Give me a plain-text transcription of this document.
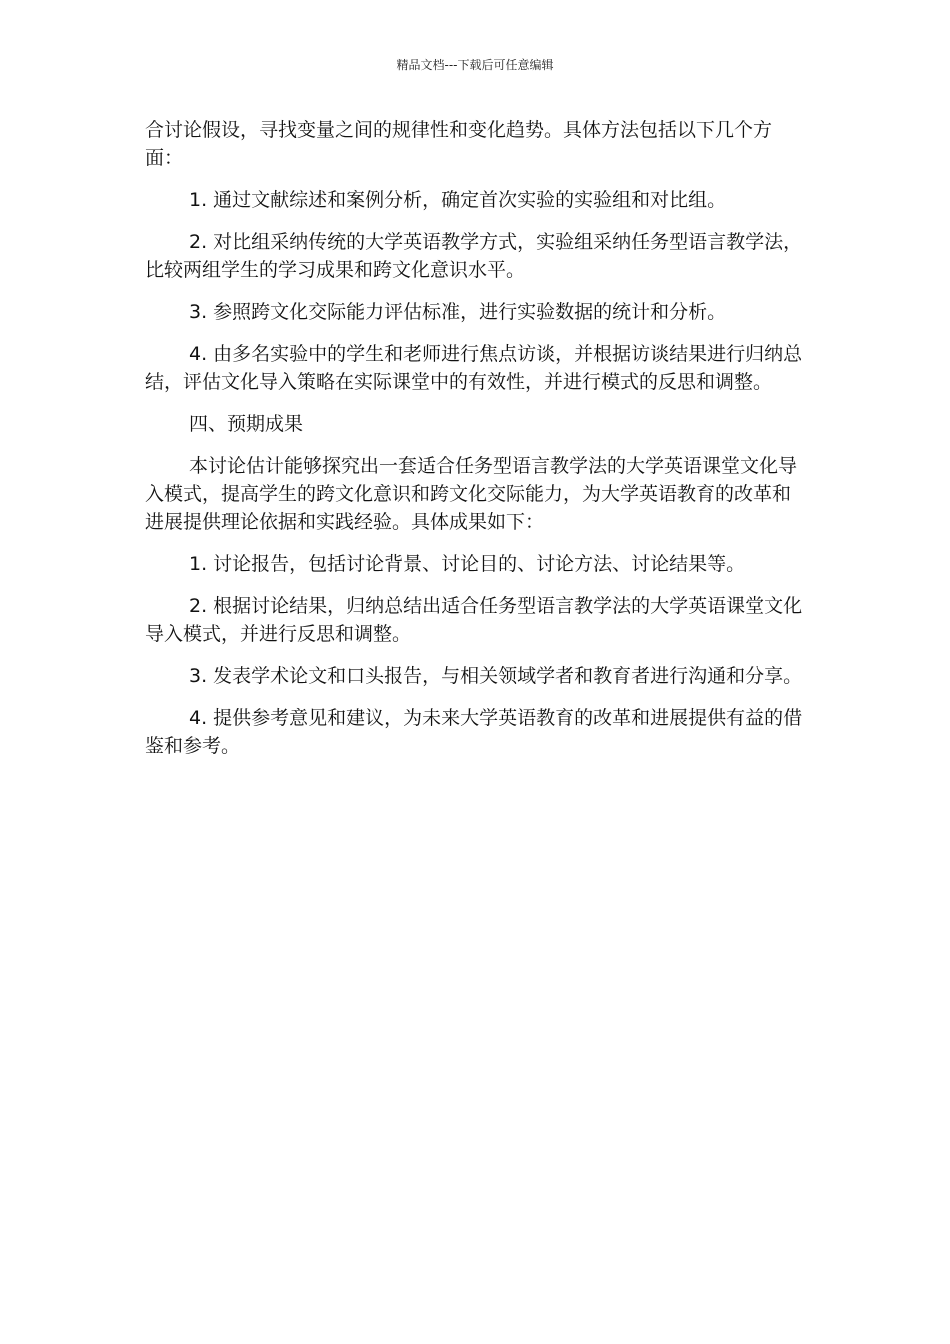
精品文档---下载后可任意编辑

合讨论假设，寻找变量之间的规律性和变化趋势。具体方法包括以下几个方面：

1. 通过文献综述和案例分析，确定首次实验的实验组和对比组。

2. 对比组采纳传统的大学英语教学方式，实验组采纳任务型语言教学法，比较两组学生的学习成果和跨文化意识水平。

3. 参照跨文化交际能力评估标准，进行实验数据的统计和分析。

4. 由多名实验中的学生和老师进行焦点访谈，并根据访谈结果进行归纳总结，评估文化导入策略在实际课堂中的有效性，并进行模式的反思和调整。

四、预期成果

本讨论估计能够探究出一套适合任务型语言教学法的大学英语课堂文化导入模式，提高学生的跨文化意识和跨文化交际能力，为大学英语教育的改革和进展提供理论依据和实践经验。具体成果如下：

1. 讨论报告，包括讨论背景、讨论目的、讨论方法、讨论结果等。

2. 根据讨论结果，归纳总结出适合任务型语言教学法的大学英语课堂文化导入模式，并进行反思和调整。

3. 发表学术论文和口头报告，与相关领域学者和教育者进行沟通和分享。

4. 提供参考意见和建议，为未来大学英语教育的改革和进展提供有益的借鉴和参考。
